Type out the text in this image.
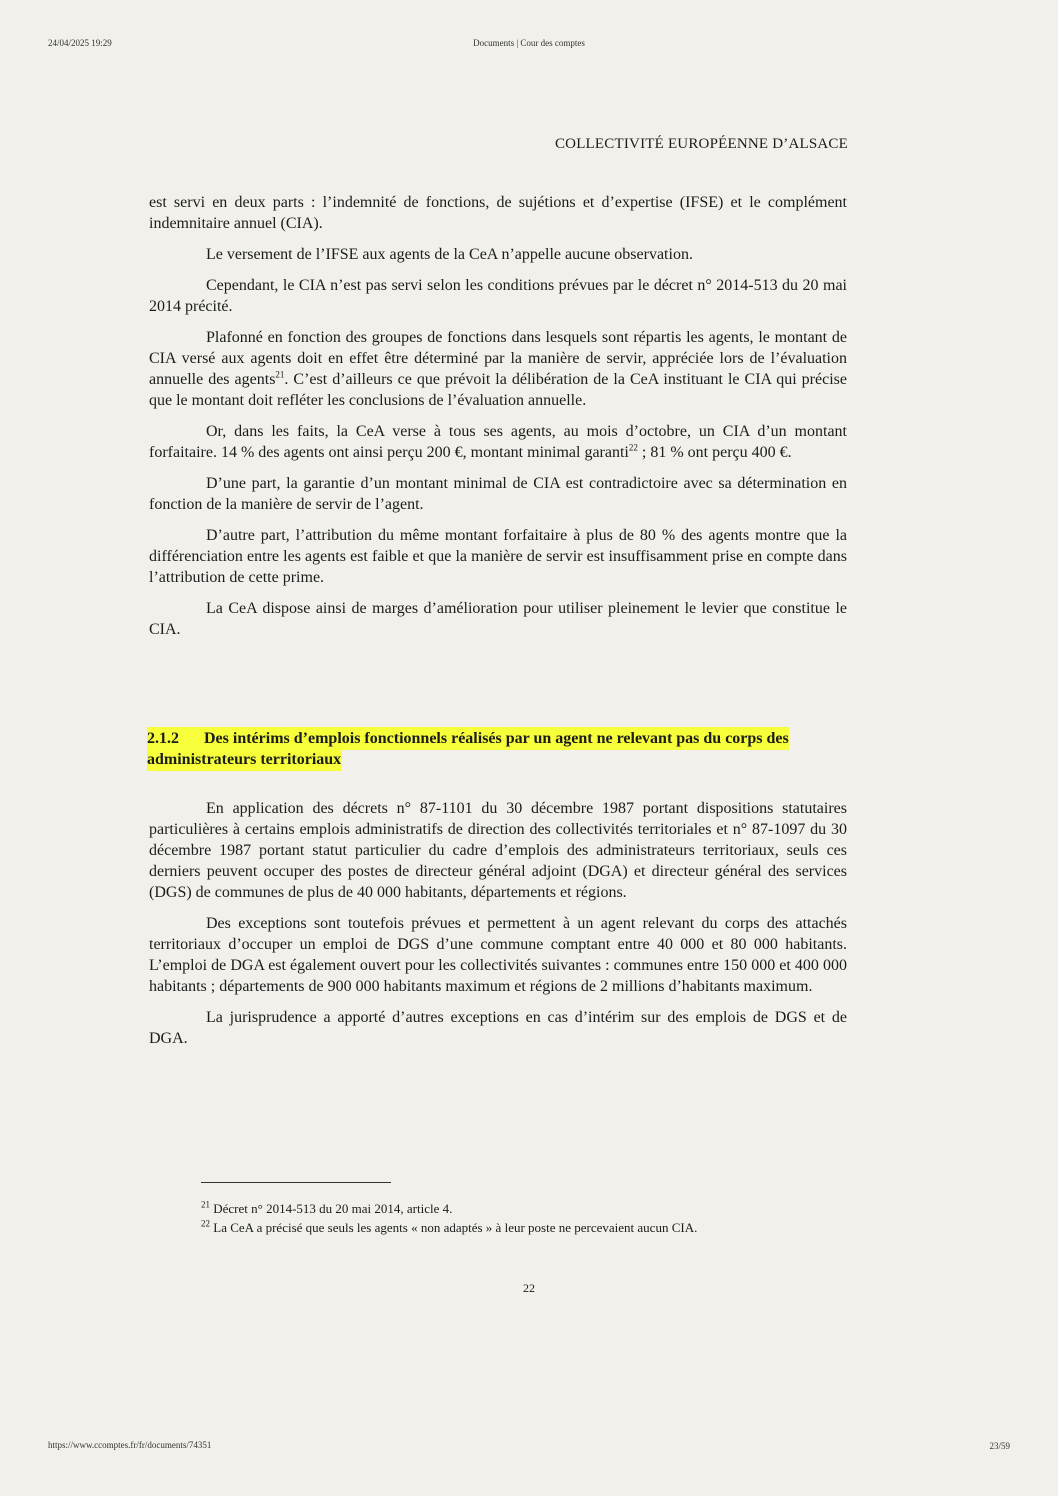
24/04/2025 19:29	Documents | Cour des comptes
COLLECTIVITÉ EUROPÉENNE D’ALSACE

est servi en deux parts : l’indemnité de fonctions, de sujétions et d’expertise (IFSE) et le complément indemnitaire annuel (CIA).

Le versement de l’IFSE aux agents de la CeA n’appelle aucune observation.

Cependant, le CIA n’est pas servi selon les conditions prévues par le décret n° 2014-513 du 20 mai 2014 précité.

Plafonné en fonction des groupes de fonctions dans lesquels sont répartis les agents, le montant de CIA versé aux agents doit en effet être déterminé par la manière de servir, appréciée lors de l’évaluation annuelle des agents$^{21}$. C’est d’ailleurs ce que prévoit la délibération de la CeA instituant le CIA qui précise que le montant doit refléter les conclusions de l’évaluation annuelle.

Or, dans les faits, la CeA verse à tous ses agents, au mois d’octobre, un CIA d’un montant forfaitaire. 14 % des agents ont ainsi perçu 200 €, montant minimal garanti$^{22}$ ; 81 % ont perçu 400 €.

D’une part, la garantie d’un montant minimal de CIA est contradictoire avec sa détermination en fonction de la manière de servir de l’agent.

D’autre part, l’attribution du même montant forfaitaire à plus de 80 % des agents montre que la différenciation entre les agents est faible et que la manière de servir est insuffisamment prise en compte dans l’attribution de cette prime.

La CeA dispose ainsi de marges d’amélioration pour utiliser pleinement le levier que constitue le CIA.

2.1.2 Des intérims d’emplois fonctionnels réalisés par un agent ne relevant pas du corps des administrateurs territoriaux

En application des décrets n° 87-1101 du 30 décembre 1987 portant dispositions statutaires particulières à certains emplois administratifs de direction des collectivités territoriales et n° 87-1097 du 30 décembre 1987 portant statut particulier du cadre d’emplois des administrateurs territoriaux, seuls ces derniers peuvent occuper des postes de directeur général adjoint (DGA) et directeur général des services (DGS) de communes de plus de 40 000 habitants, départements et régions.

Des exceptions sont toutefois prévues et permettent à un agent relevant du corps des attachés territoriaux d’occuper un emploi de DGS d’une commune comptant entre 40 000 et 80 000 habitants. L’emploi de DGA est également ouvert pour les collectivités suivantes : communes entre 150 000 et 400 000 habitants ; départements de 900 000 habitants maximum et régions de 2 millions d’habitants maximum.

La jurisprudence a apporté d’autres exceptions en cas d’intérim sur des emplois de DGS et de DGA.

$^{21}$ Décret n° 2014-513 du 20 mai 2014, article 4.
$^{22}$ La CeA a précisé que seuls les agents « non adaptés » à leur poste ne percevaient aucun CIA.
22
https://www.ccomptes.fr/fr/documents/74351	23/59
